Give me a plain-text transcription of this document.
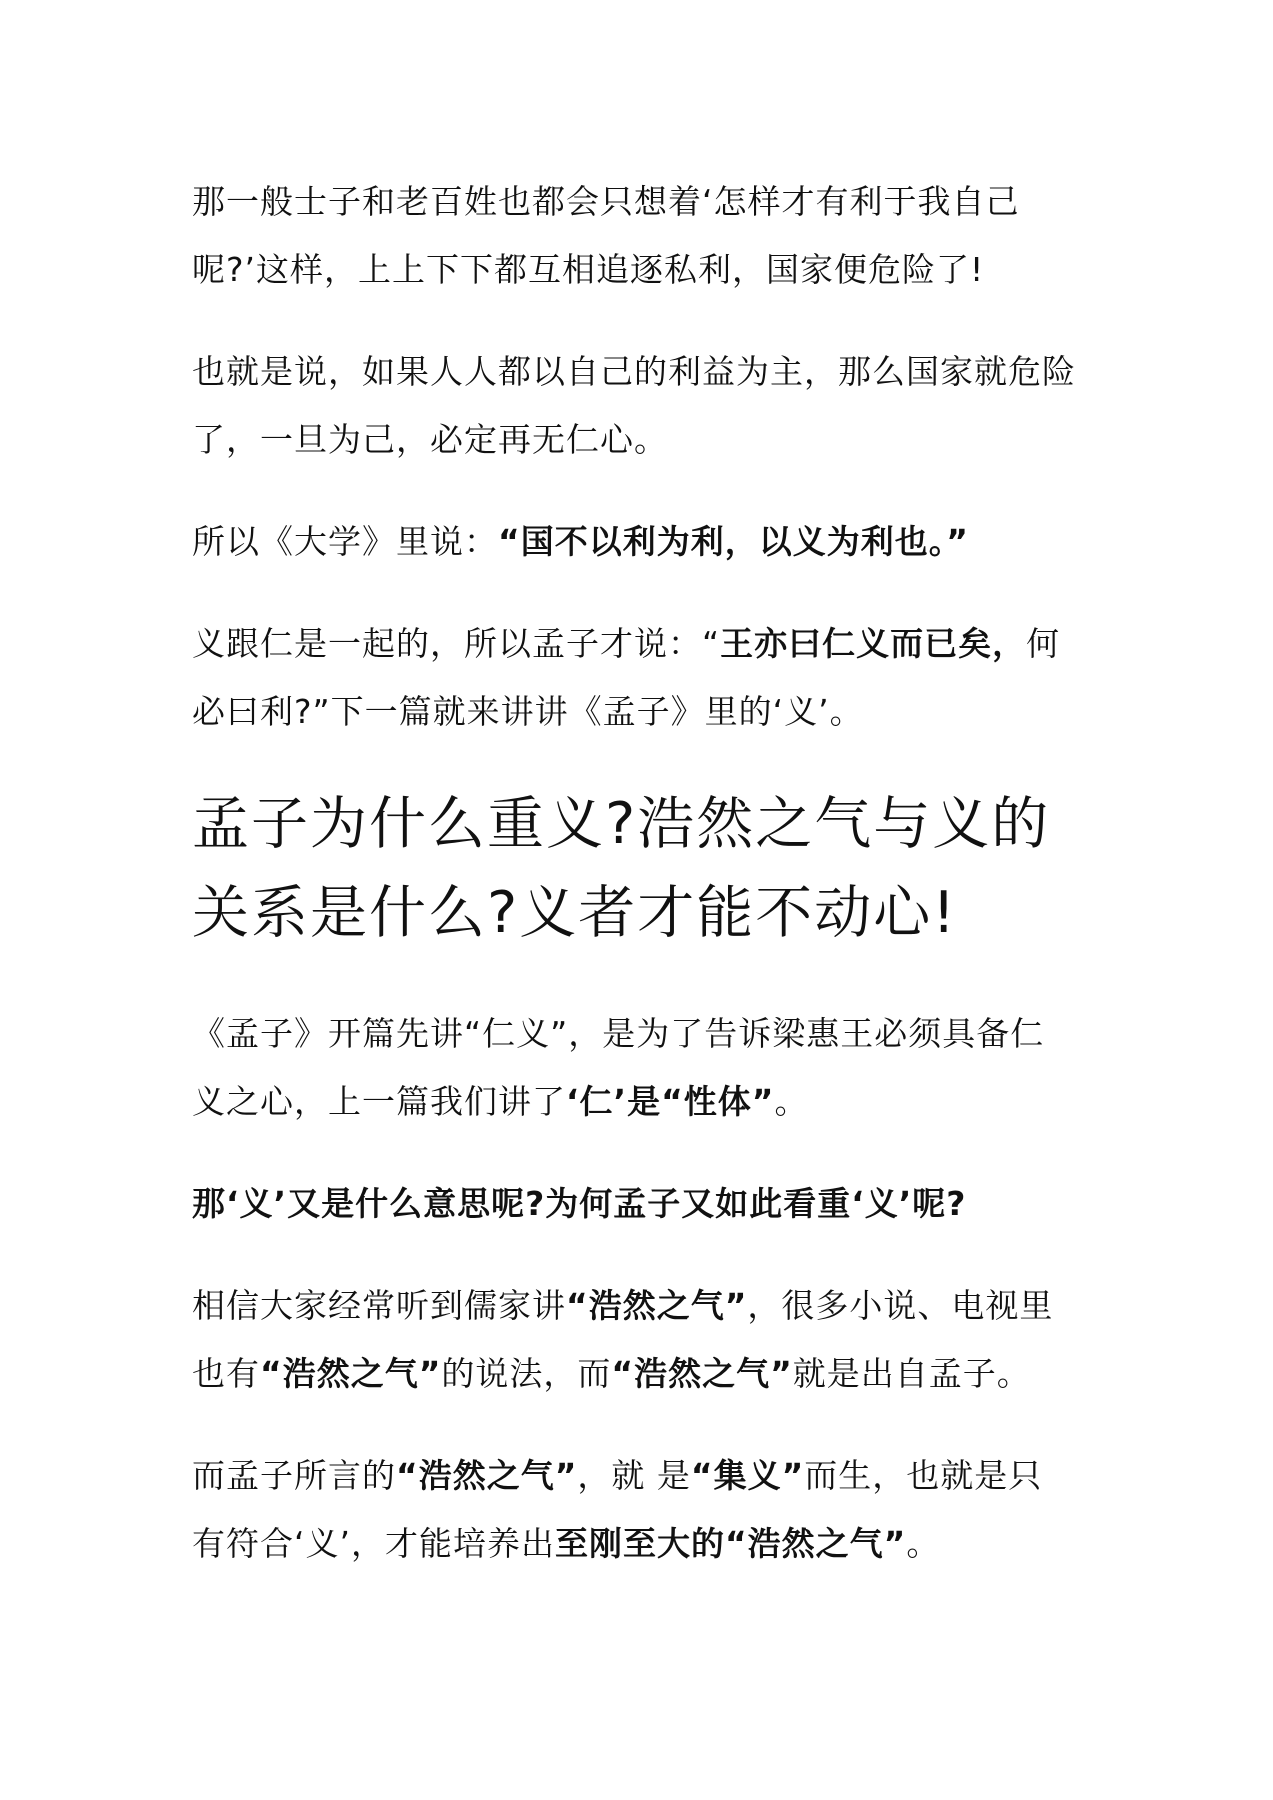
那一般士子和老百姓也都会只想着‘怎样才有利于我自己
呢?’这样，上上下下都互相追逐私利，国家便危险了!
也就是说，如果人人都以自己的利益为主，那么国家就危险
了，一旦为己，必定再无仁心。
所以《大学》里说：“国不以利为利，以义为利也。”
义跟仁是一起的，所以孟子才说：“王亦曰仁义而已矣，何
必曰利?”下一篇就来讲讲《孟子》里的‘义’。
孟子为什么重义?浩然之气与义的
关系是什么?义者才能不动心!
《孟子》开篇先讲“仁义”，是为了告诉梁惠王必须具备仁
义之心，上一篇我们讲了‘仁’是“性体”。
那‘义’又是什么意思呢?为何孟子又如此看重‘义’呢?
相信大家经常听到儒家讲“浩然之气”，很多小说、电视里
也有“浩然之气”的说法，而“浩然之气”就是出自孟子。
而孟子所言的“浩然之气”，就 是“集义”而生，也就是只
有符合‘义’，才能培养出至刚至大的“浩然之气”。
